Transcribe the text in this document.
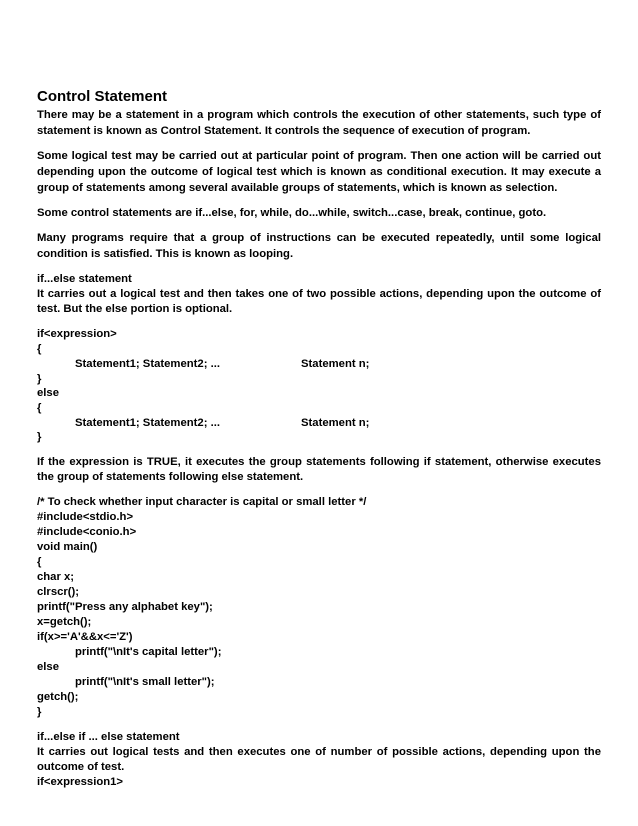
Control Statement
There may be a statement in a program which controls the execution of other statements, such type of
statement is known as Control Statement. It controls the sequence of execution of program.
Some logical test may be carried out at particular point of program. Then one action will be carried out
depending upon the outcome of logical test which is known as conditional execution. It may execute a
group of statements among several available groups of statements, which is known as selection.
Some control statements are if...else, for, while, do...while, switch...case, break, continue, goto.
Many programs require that a group of instructions can be executed repeatedly, until some logical
condition is satisfied. This is known as looping.
if...else statement
It carries out a logical test and then takes one of two possible actions, depending upon the outcome of
test. But the else portion is optional.
if<expression>
{
Statement1; Statement2; ...	Statement n;
}
else
{
Statement1; Statement2; ...	Statement n;
}
If the expression is TRUE, it executes the group statements following if statement, otherwise executes
the group of statements following else statement.
/* To check whether input character is capital or small letter */
#include<stdio.h>
#include<conio.h>
void main()
{
char x;
clrscr();
printf("Press any alphabet key");
x=getch();
if(x>='A'&&x<='Z')
printf("\nIt's capital letter");
else
printf("\nIt's small letter");
getch();
}
if...else if ... else statement
It carries out logical tests and then executes one of number of possible actions, depending upon the
outcome of test.
if<expression1>
